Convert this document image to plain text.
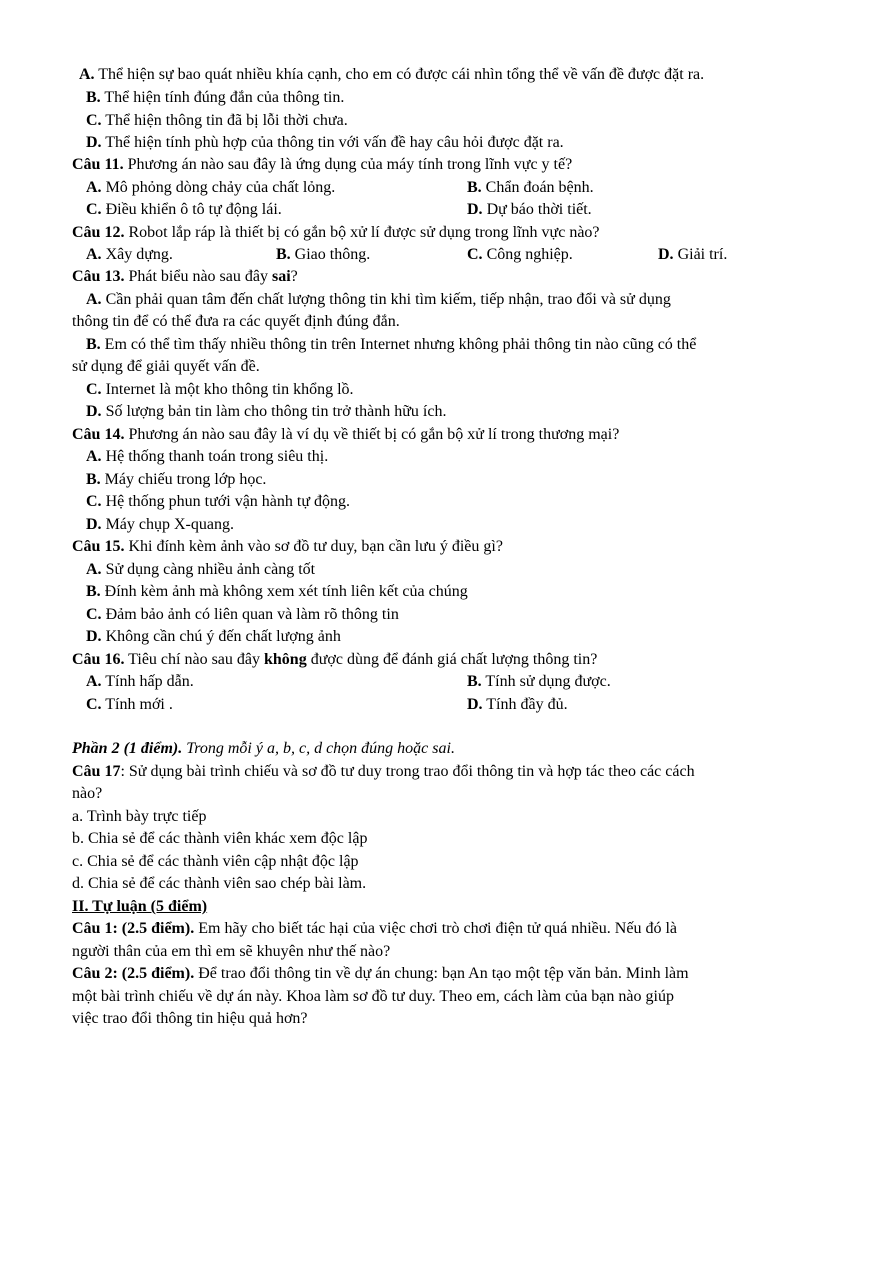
A. Thể hiện sự bao quát nhiều khía cạnh, cho em có được cái nhìn tổng thể về vấn đề được đặt ra.
B. Thể hiện tính đúng đắn của thông tin.
C. Thể hiện thông tin đã bị lỗi thời chưa.
D. Thể hiện tính phù hợp của thông tin với vấn đề hay câu hỏi được đặt ra.
Câu 11. Phương án nào sau đây là ứng dụng của máy tính trong lĩnh vực y tế?
A. Mô phỏng dòng chảy của chất lỏng.	B. Chẩn đoán bệnh.
C. Điều khiển ô tô tự động lái.	D. Dự báo thời tiết.
Câu 12. Robot lắp ráp là thiết bị có gắn bộ xử lí được sử dụng trong lĩnh vực nào?
A. Xây dựng.	B. Giao thông.	C. Công nghiệp.	D. Giải trí.
Câu 13. Phát biểu nào sau đây sai?
A. Cần phải quan tâm đến chất lượng thông tin khi tìm kiếm, tiếp nhận, trao đổi và sử dụng
thông tin để có thể đưa ra các quyết định đúng đắn.
B. Em có thể tìm thấy nhiều thông tin trên Internet nhưng không phải thông tin nào cũng có thể
sử dụng để giải quyết vấn đề.
C. Internet là một kho thông tin khổng lồ.
D. Số lượng bản tin làm cho thông tin trở thành hữu ích.
Câu 14. Phương án nào sau đây là ví dụ về thiết bị có gắn bộ xử lí trong thương mại?
A. Hệ thống thanh toán trong siêu thị.
B. Máy chiếu trong lớp học.
C. Hệ thống phun tưới vận hành tự động.
D. Máy chụp X-quang.
Câu 15. Khi đính kèm ảnh vào sơ đồ tư duy, bạn cần lưu ý điều gì?
A. Sử dụng càng nhiều ảnh càng tốt
B. Đính kèm ảnh mà không xem xét tính liên kết của chúng
C. Đảm bảo ảnh có liên quan và làm rõ thông tin
D. Không cần chú ý đến chất lượng ảnh
Câu 16. Tiêu chí nào sau đây không được dùng để đánh giá chất lượng thông tin?
A. Tính hấp dẫn.	B. Tính sử dụng được.
C. Tính mới .	D. Tính đầy đủ.
Phần 2 (1 điểm). Trong mỗi ý a, b, c, d chọn đúng hoặc sai.
Câu 17: Sử dụng bài trình chiếu và sơ đồ tư duy trong trao đổi thông tin và hợp tác theo các cách
nào?
a. Trình bày trực tiếp
b. Chia sẻ để các thành viên khác xem độc lập
c. Chia sẻ để các thành viên cập nhật độc lập
d. Chia sẻ để các thành viên sao chép bài làm.
II. Tự luận (5 điểm)
Câu 1: (2.5 điểm). Em hãy cho biết tác hại của việc chơi trò chơi điện tử quá nhiều. Nếu đó là
người thân của em thì em sẽ khuyên như thế nào?
Câu 2: (2.5 điểm). Để trao đổi thông tin về dự án chung: bạn An tạo một tệp văn bản. Minh làm
một bài trình chiếu về dự án này. Khoa làm sơ đồ tư duy. Theo em, cách làm của bạn nào giúp
việc trao đổi thông tin hiệu quả hơn?
